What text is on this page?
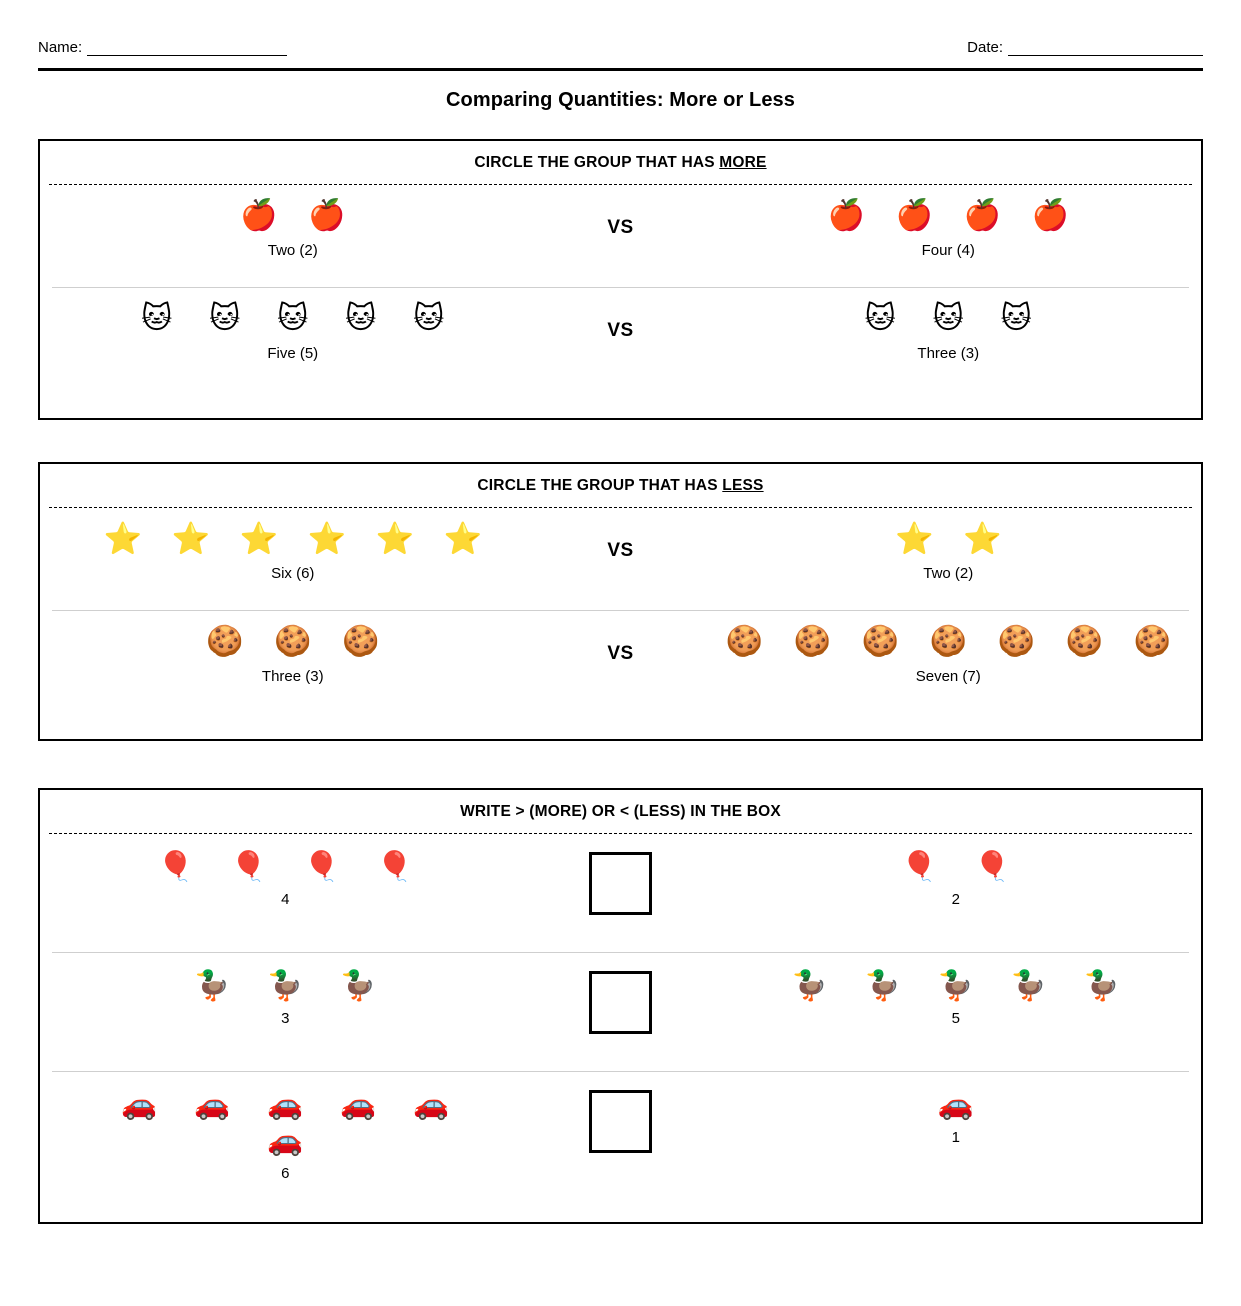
Name:	Date:
Comparing Quantities: More or Less
CIRCLE THE GROUP THAT HAS MORE
🍎	🍎
Two (2)
VS	🍎	🍎	🍎	🍎
Four (4)
🐱	🐱	🐱	🐱	🐱
Five (5)
VS	🐱	🐱	🐱
Three (3)
CIRCLE THE GROUP THAT HAS LESS
⭐ ⭐ ⭐ ⭐ ⭐ ⭐
Six (6)
VS	⭐ ⭐
Two (2)
🍪	🍪	🍪
Three (3)
VS	🍪	🍪	🍪	🍪	🍪	🍪	🍪
Seven (7)
WRITE > (MORE) OR < (LESS) IN THE BOX
🎈	🎈	🎈	🎈
4
🎈	🎈
2
🦆	🦆	🦆
3
🦆	🦆	🦆	🦆	🦆
5
🚗	🚗	🚗	🚗	🚗
🚗
6
🚗
1
